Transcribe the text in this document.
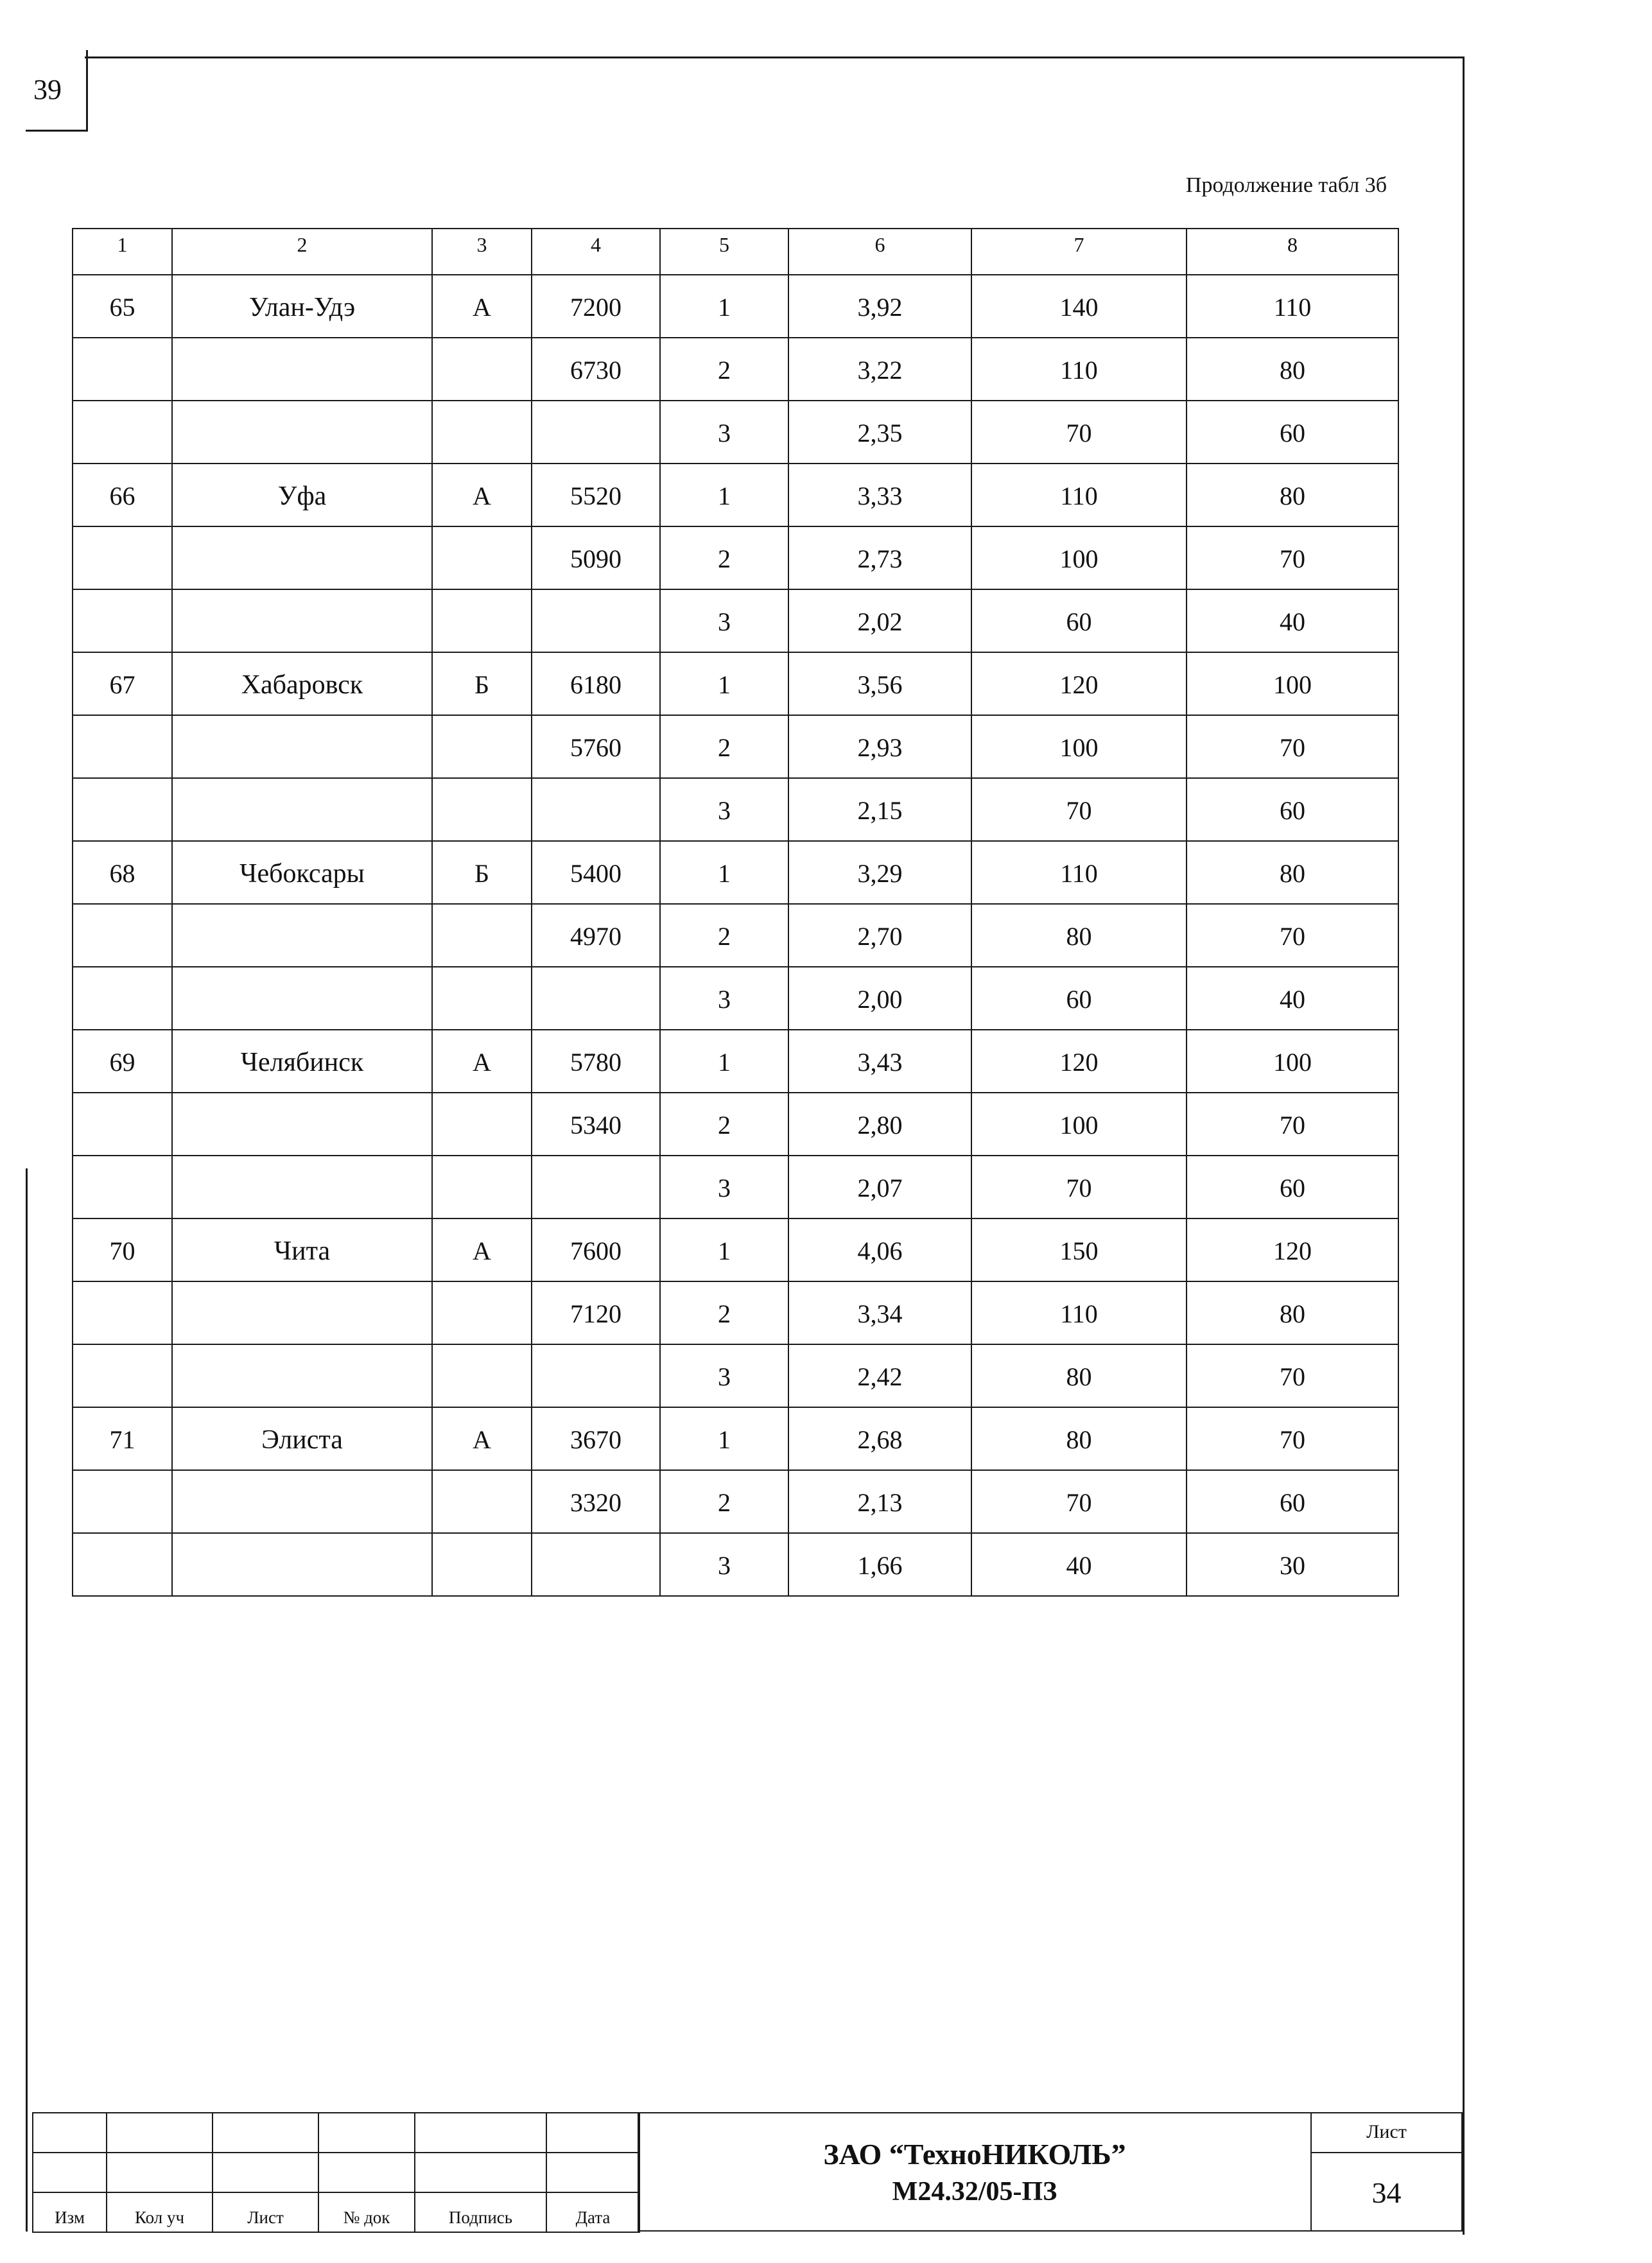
39
Продолжение табл 3б
1	2	3	4	5	6	7	8
65	Улан-Удэ	А	7200	1	3,92	140	110
			6730	2	3,22	110	80
				3	2,35	70	60
66	Уфа	А	5520	1	3,33	110	80
			5090	2	2,73	100	70
				3	2,02	60	40
67	Хабаровск	Б	6180	1	3,56	120	100
			5760	2	2,93	100	70
				3	2,15	70	60
68	Чебоксары	Б	5400	1	3,29	110	80
			4970	2	2,70	80	70
				3	2,00	60	40
69	Челябинск	А	5780	1	3,43	120	100
			5340	2	2,80	100	70
				3	2,07	70	60
70	Чита	А	7600	1	4,06	150	120
			7120	2	3,34	110	80
				3	2,42	80	70
71	Элиста	А	3670	1	2,68	80	70
			3320	2	2,13	70	60
				3	1,66	40	30

Изм	Кол уч	Лист	№ док	Подпись	Дата
ЗАО “ТехноНИКОЛЬ”
М24.32/05-ПЗ
Лист
34
